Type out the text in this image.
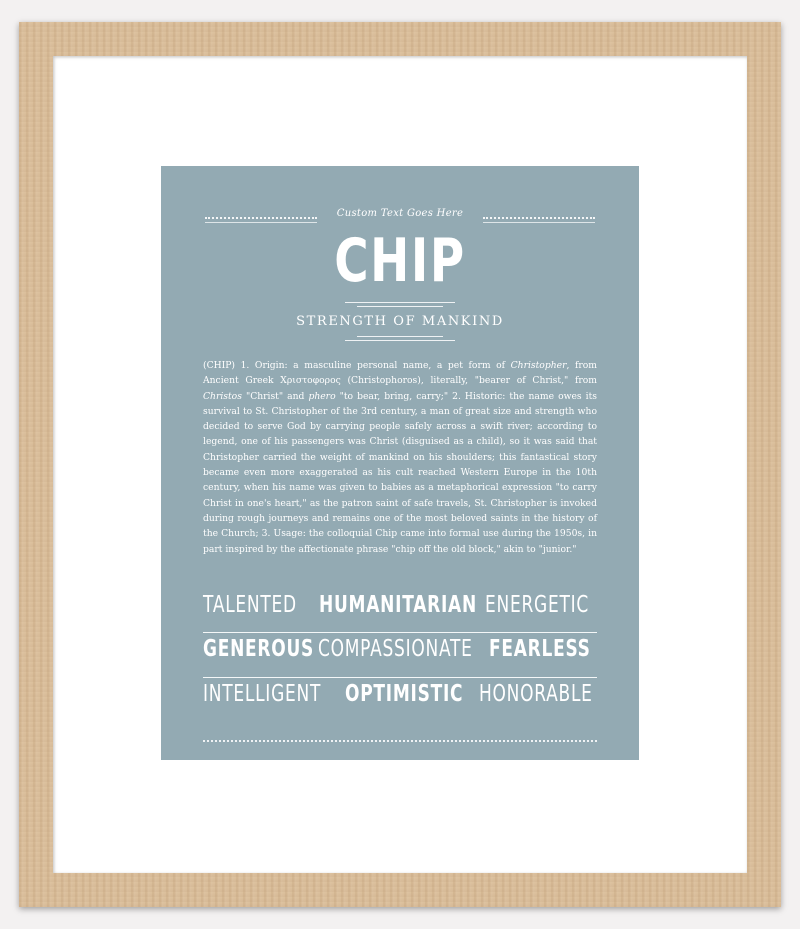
Custom Text Goes Here
CHIP
STRENGTH OF MANKIND
(CHIP) 1. Origin: a masculine personal name, a pet form of Christopher, from Ancient Greek Χριστοφορος (Christophoros), literally, "bearer of Christ," from Christos "Christ" and phero "to bear, bring, carry;" 2. Historic: the name owes its survival to St. Christopher of the 3rd century, a man of great size and strength who decided to serve God by carrying people safely across a swift river; according to legend, one of his passengers was Christ (disguised as a child), so it was said that Christopher carried the weight of mankind on his shoulders; this fantastical story became even more exaggerated as his cult reached Western Europe in the 10th century, when his name was given to babies as a metaphorical expression "to carry Christ in one's heart," as the patron saint of safe travels, St. Christopher is invoked during rough journeys and remains one of the most beloved saints in the history of the Church; 3. Usage: the colloquial Chip came into formal use during the 1950s, in part inspired by the affectionate phrase "chip off the old block," akin to "junior."
TALENTED HUMANITARIAN ENERGETIC
GENEROUS COMPASSIONATE FEARLESS
INTELLIGENT	OPTIMISTIC HONORABLE
